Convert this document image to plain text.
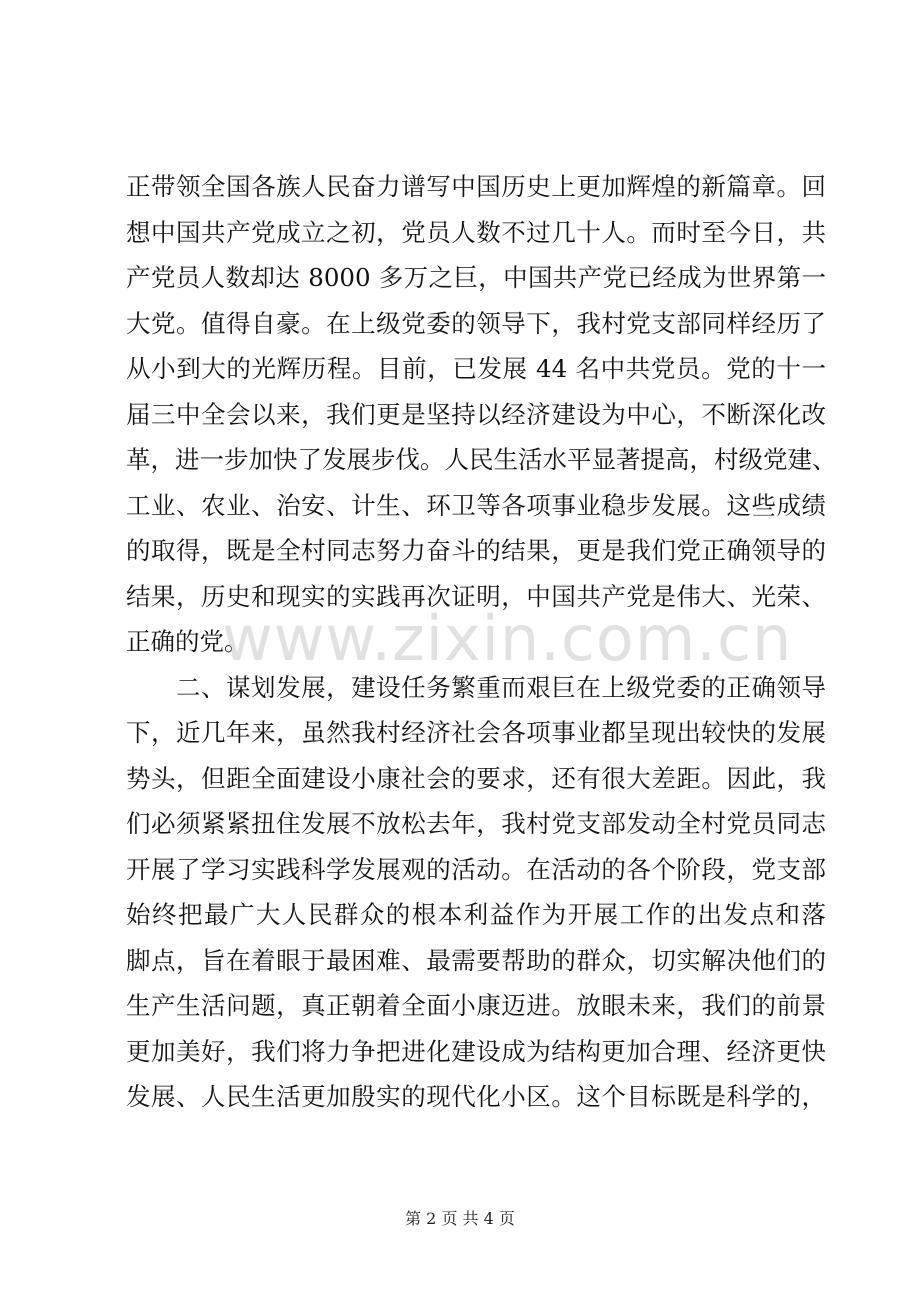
正带领全国各族人民奋力谱写中国历史上更加辉煌的新篇章。回
想中国共产党成立之初，党员人数不过几十人。而时至今日，共
产党员人数却达 8000 多万之巨，中国共产党已经成为世界第一
大党。值得自豪。在上级党委的领导下，我村党支部同样经历了
从小到大的光辉历程。目前，已发展 44 名中共党员。党的十一
届三中全会以来，我们更是坚持以经济建设为中心，不断深化改
革，进一步加快了发展步伐。人民生活水平显著提高，村级党建、
工业、农业、治安、计生、环卫等各项事业稳步发展。这些成绩
的取得，既是全村同志努力奋斗的结果，更是我们党正确领导的
结果，历史和现实的实践再次证明，中国共产党是伟大、光荣、
正确的党。
二、谋划发展，建设任务繁重而艰巨在上级党委的正确领导
下，近几年来，虽然我村经济社会各项事业都呈现出较快的发展
势头，但距全面建设小康社会的要求，还有很大差距。因此，我
们必须紧紧扭住发展不放松去年，我村党支部发动全村党员同志
开展了学习实践科学发展观的活动。在活动的各个阶段，党支部
始终把最广大人民群众的根本利益作为开展工作的出发点和落
脚点，旨在着眼于最困难、最需要帮助的群众，切实解决他们的
生产生活问题，真正朝着全面小康迈进。放眼未来，我们的前景
更加美好，我们将力争把进化建设成为结构更加合理、经济更快
发展、人民生活更加殷实的现代化小区。这个目标既是科学的，
www.zixin.com.cn
第 2 页 共 4 页
